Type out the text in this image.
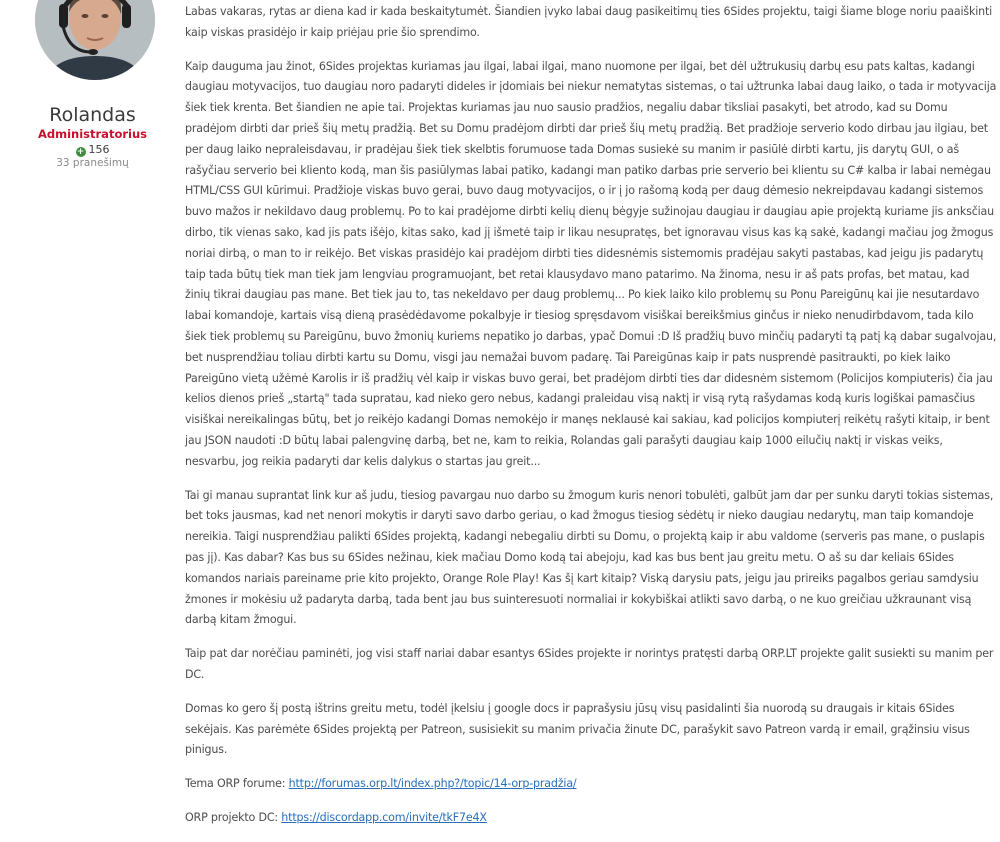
Rolandas
Administratorius
+ 156
33 pranešimų

Labas vakaras, rytas ar diena kad ir kada beskaitytumėt. Šiandien įvyko labai daug pasikeitimų ties 6Sides projektu, taigi šiame bloge noriu paaiškinti kaip viskas prasidėjo ir kaip priėjau prie šio sprendimo.

Kaip dauguma jau žinot, 6Sides projektas kuriamas jau ilgai, labai ilgai, mano nuomone per ilgai, bet dėl užtrukusių darbų esu pats kaltas, kadangi daugiau motyvacijos, tuo daugiau noro padaryti dideles ir įdomiais bei niekur nematytas sistemas, o tai užtrunka labai daug laiko, o tada ir motyvacija šiek tiek krenta. Bet šiandien ne apie tai. Projektas kuriamas jau nuo sausio pradžios, negaliu dabar tiksliai pasakyti, bet atrodo, kad su Domu pradėjom dirbti dar prieš šių metų pradžią. Bet su Domu pradėjom dirbti dar prieš šių metų pradžią. Bet pradžioje serverio kodo dirbau jau ilgiau, bet per daug laiko nepraleisdavau, ir pradėjau šiek tiek skelbtis forumuose tada Domas susiekė su manim ir pasiūlė dirbti kartu, jis darytų GUI, o aš rašyčiau serverio bei kliento kodą, man šis pasiūlymas labai patiko, kadangi man patiko darbas prie serverio bei klientu su C# kalba ir labai nemėgau HTML/CSS GUI kūrimui. Pradžioje viskas buvo gerai, buvo daug motyvacijos, o ir į jo rašomą kodą per daug dėmesio nekreipdavau kadangi sistemos buvo mažos ir nekildavo daug problemų. Po to kai pradėjome dirbti kelių dienų bėgyje sužinojau daugiau ir daugiau apie projektą kuriame jis anksčiau dirbo, tik vienas sako, kad jis pats išėjo, kitas sako, kad jį išmetė taip ir likau nesupratęs, bet ignoravau visus kas ką sakė, kadangi mačiau jog žmogus noriai dirbą, o man to ir reikėjo. Bet viskas prasidėjo kai pradėjom dirbti ties didesnėmis sistemomis pradėjau sakyti pastabas, kad jeigu jis padarytų taip tada būtų tiek man tiek jam lengviau programuojant, bet retai klausydavo mano patarimo. Na žinoma, nesu ir aš pats profas, bet matau, kad žinių tikrai daugiau pas mane. Bet tiek jau to, tas nekeldavo per daug problemų... Po kiek laiko kilo problemų su Ponu Pareigūnų kai jie nesutardavo labai komandoje, kartais visą dieną prasėdėdavome pokalbyje ir tiesiog spręsdavom visiškai bereikšmius ginčus ir nieko nenudirbdavom, tada kilo šiek tiek problemų su Pareigūnu, buvo žmonių kuriems nepatiko jo darbas, ypač Domui :D Iš pradžių buvo minčių padaryti tą patį ką dabar sugalvojau, bet nusprendžiau toliau dirbti kartu su Domu, visgi jau nemažai buvom padarę. Tai Pareigūnas kaip ir pats nusprendė pasitraukti, po kiek laiko Pareigūno vietą užėmė Karolis ir iš pradžių vėl kaip ir viskas buvo gerai, bet pradėjom dirbti ties dar didesnėm sistemom (Policijos kompiuteris) čia jau kelios dienos prieš „startą" tada supratau, kad nieko gero nebus, kadangi praleidau visą naktį ir visą rytą rašydamas kodą kuris logiškai pamasčius visiškai nereikalingas būtų, bet jo reikėjo kadangi Domas nemokėjo ir manęs neklausė kai sakiau, kad policijos kompiuterį reikėtų rašyti kitaip, ir bent jau JSON naudoti :D būtų labai palengvinę darbą, bet ne, kam to reikia, Rolandas gali parašyti daugiau kaip 1000 eilučių naktį ir viskas veiks, nesvarbu, jog reikia padaryti dar kelis dalykus o startas jau greit...

Tai gi manau suprantat link kur aš judu, tiesiog pavargau nuo darbo su žmogum kuris nenori tobulėti, galbūt jam dar per sunku daryti tokias sistemas, bet toks jausmas, kad net nenori mokytis ir daryti savo darbo geriau, o kad žmogus tiesiog sėdėtų ir nieko daugiau nedarytų, man taip komandoje nereikia. Taigi nusprendžiau palikti 6Sides projektą, kadangi nebegaliu dirbti su Domu, o projektą kaip ir abu valdome (serveris pas mane, o puslapis pas jį). Kas dabar? Kas bus su 6Sides nežinau, kiek mačiau Domo kodą tai abejoju, kad kas bus bent jau greitu metu. O aš su dar keliais 6Sides komandos nariais pareiname prie kito projekto, Orange Role Play! Kas šį kart kitaip? Viską darysiu pats, jeigu jau prireiks pagalbos geriau samdysiu žmones ir mokėsiu už padaryta darbą, tada bent jau bus suinteresuoti normaliai ir kokybiškai atlikti savo darbą, o ne kuo greičiau užkraunant visą darbą kitam žmogui.

Taip pat dar norėčiau paminėti, jog visi staff nariai dabar esantys 6Sides projekte ir norintys pratęsti darbą ORP.LT projekte galit susiekti su manim per DC.

Domas ko gero šį postą ištrins greitu metu, todėl įkelsiu į google docs ir paprašysiu jūsų visų pasidalinti šia nuorodą su draugais ir kitais 6Sides sekėjais. Kas parėmėte 6Sides projektą per Patreon, susisiekit su manim privačia žinute DC, parašykit savo Patreon vardą ir email, grąžinsiu visus pinigus.

Tema ORP forume: http://forumas.orp.lt/index.php?/topic/14-orp-pradžia/

ORP projekto DC: https://discordapp.com/invite/tkF7e4X
